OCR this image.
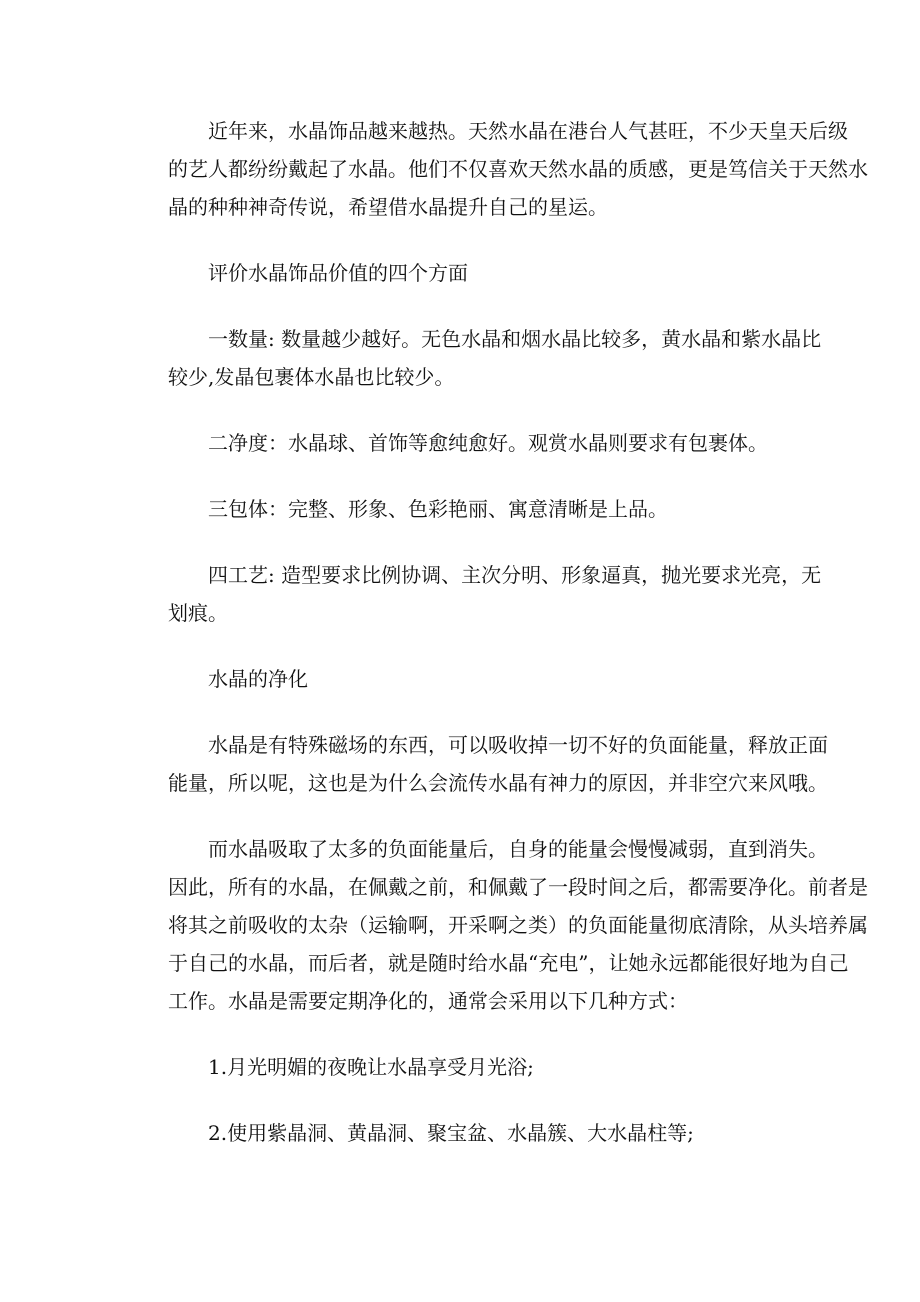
近年来，水晶饰品越来越热。天然水晶在港台人气甚旺，不少天皇天后级
的艺人都纷纷戴起了水晶。他们不仅喜欢天然水晶的质感，更是笃信关于天然水
晶的种种神奇传说，希望借水晶提升自己的星运。

评价水晶饰品价值的四个方面

一数量: 数量越少越好。无色水晶和烟水晶比较多，黄水晶和紫水晶比
较少,发晶包裹体水晶也比较少。

二净度：水晶球、首饰等愈纯愈好。观赏水晶则要求有包裹体。
三包体：完整、形象、色彩艳丽、寓意清晰是上品。

四工艺: 造型要求比例协调、主次分明、形象逼真，抛光要求光亮，无
划痕。

水晶的净化

水晶是有特殊磁场的东西，可以吸收掉一切不好的负面能量，释放正面
能量，所以呢，这也是为什么会流传水晶有神力的原因，并非空穴来风哦。

而水晶吸取了太多的负面能量后，自身的能量会慢慢减弱，直到消失。
因此，所有的水晶，在佩戴之前，和佩戴了一段时间之后，都需要净化。前者是
将其之前吸收的太杂（运输啊，开采啊之类）的负面能量彻底清除，从头培养属
于自己的水晶，而后者，就是随时给水晶“充电”，让她永远都能很好地为自己
工作。水晶是需要定期净化的，通常会采用以下几种方式：

1.月光明媚的夜晚让水晶享受月光浴;
2.使用紫晶洞、黄晶洞、聚宝盆、水晶簇、大水晶柱等;
